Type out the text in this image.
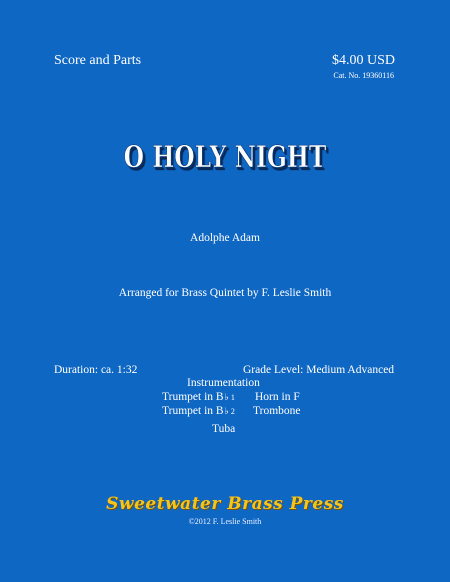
Score and Parts	$4.00 USD
Cat. No. 19360116
O HOLY NIGHT
Adolphe Adam
Arranged for Brass Quintet by F. Leslie Smith
Duration: ca. 1:32	Grade Level: Medium Advanced
Instrumentation
Trumpet in B♭ 1 Horn in F
Trumpet in B♭ 2 Trombone
Tuba
Sweetwater Brass Press
©2012 F. Leslie Smith
